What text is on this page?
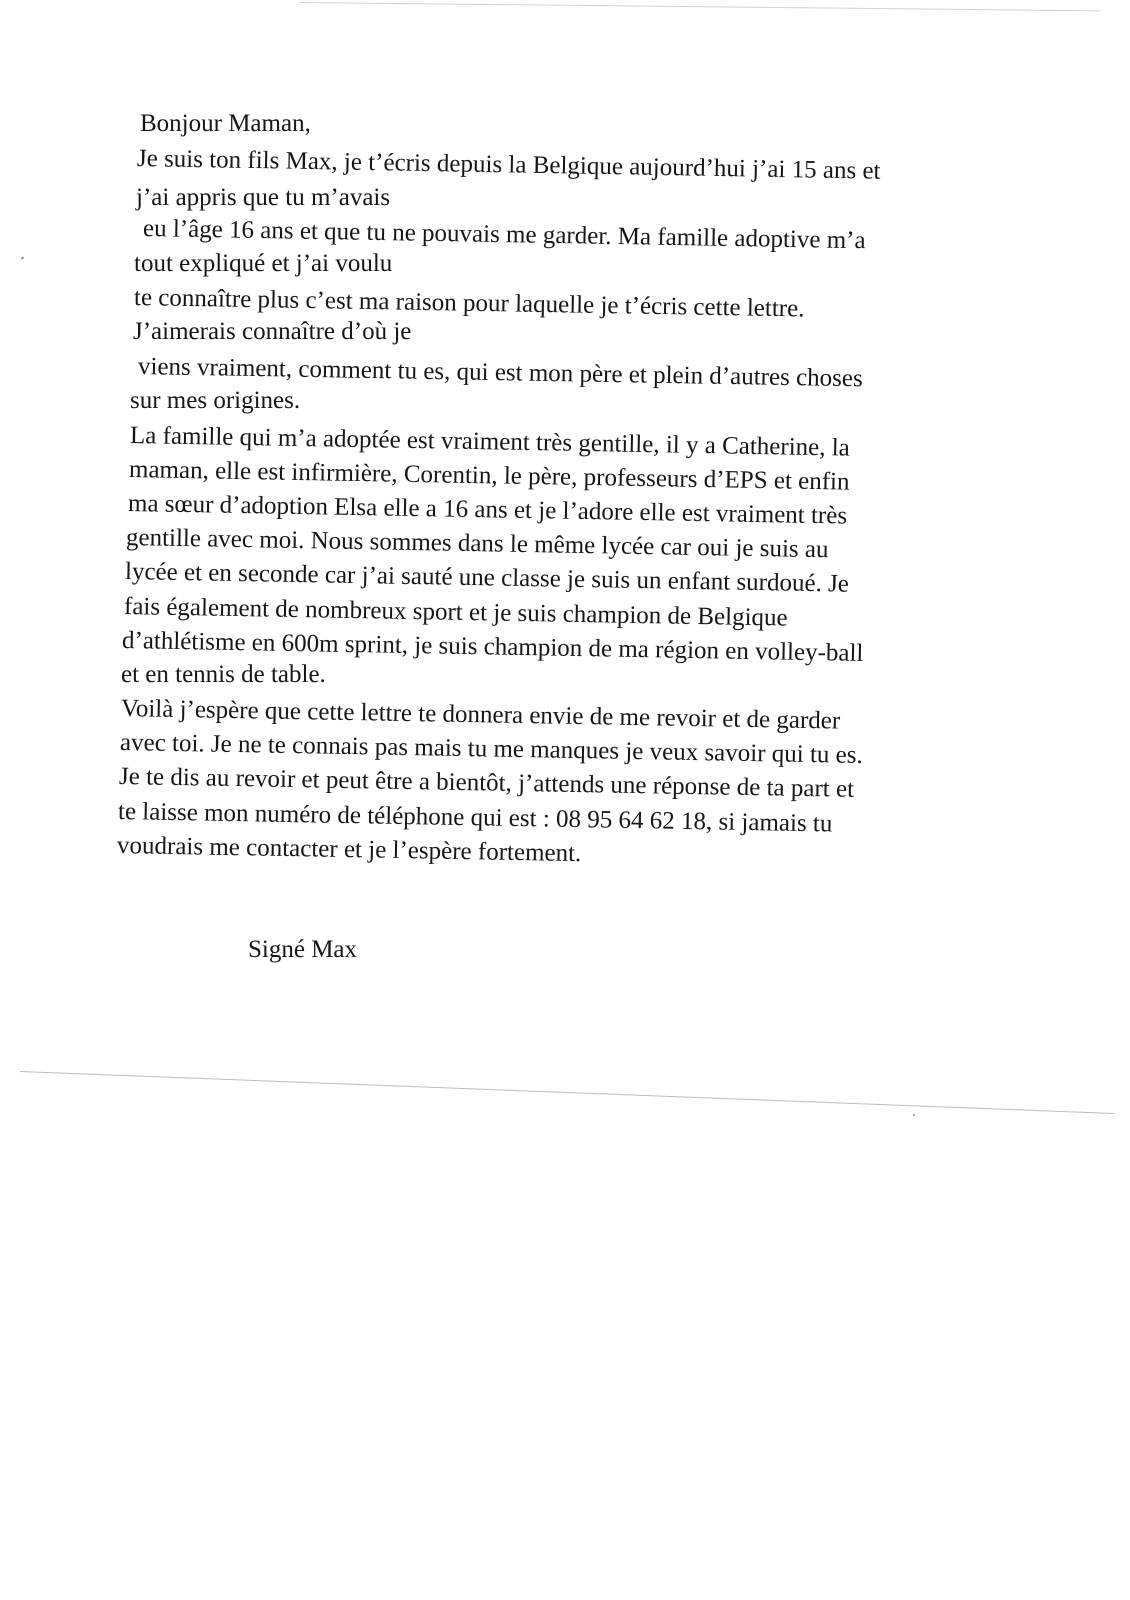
Bonjour Maman,

Je suis ton fils Max, je t’écris depuis la Belgique aujourd’hui j’ai 15 ans et

j’ai appris que tu m’avais

eu l’âge 16 ans et que tu ne pouvais me garder. Ma famille adoptive m’a

tout expliqué et j’ai voulu

te connaître plus c’est ma raison pour laquelle je t’écris cette lettre.

J’aimerais connaître d’où je

viens vraiment, comment tu es, qui est mon père et plein d’autres choses

sur mes origines.

La famille qui m’a adoptée est vraiment très gentille, il y a Catherine, la

maman, elle est infirmière, Corentin, le père, professeurs d’EPS et enfin

ma sœur d’adoption Elsa elle a 16 ans et je l’adore elle est vraiment très

gentille avec moi. Nous sommes dans le même lycée car oui je suis au

lycée et en seconde car j’ai sauté une classe je suis un enfant surdoué. Je

fais également de nombreux sport et je suis champion de Belgique

d’athlétisme en 600m sprint, je suis champion de ma région en volley-ball

et en tennis de table.

Voilà j’espère que cette lettre te donnera envie de me revoir et de garder

avec toi. Je ne te connais pas mais tu me manques je veux savoir qui tu es.

Je te dis au revoir et peut être a bientôt, j’attends une réponse de ta part et

te laisse mon numéro de téléphone qui est : 08 95 64 62 18, si jamais tu

voudrais me contacter et je l’espère fortement.

Signé Max
